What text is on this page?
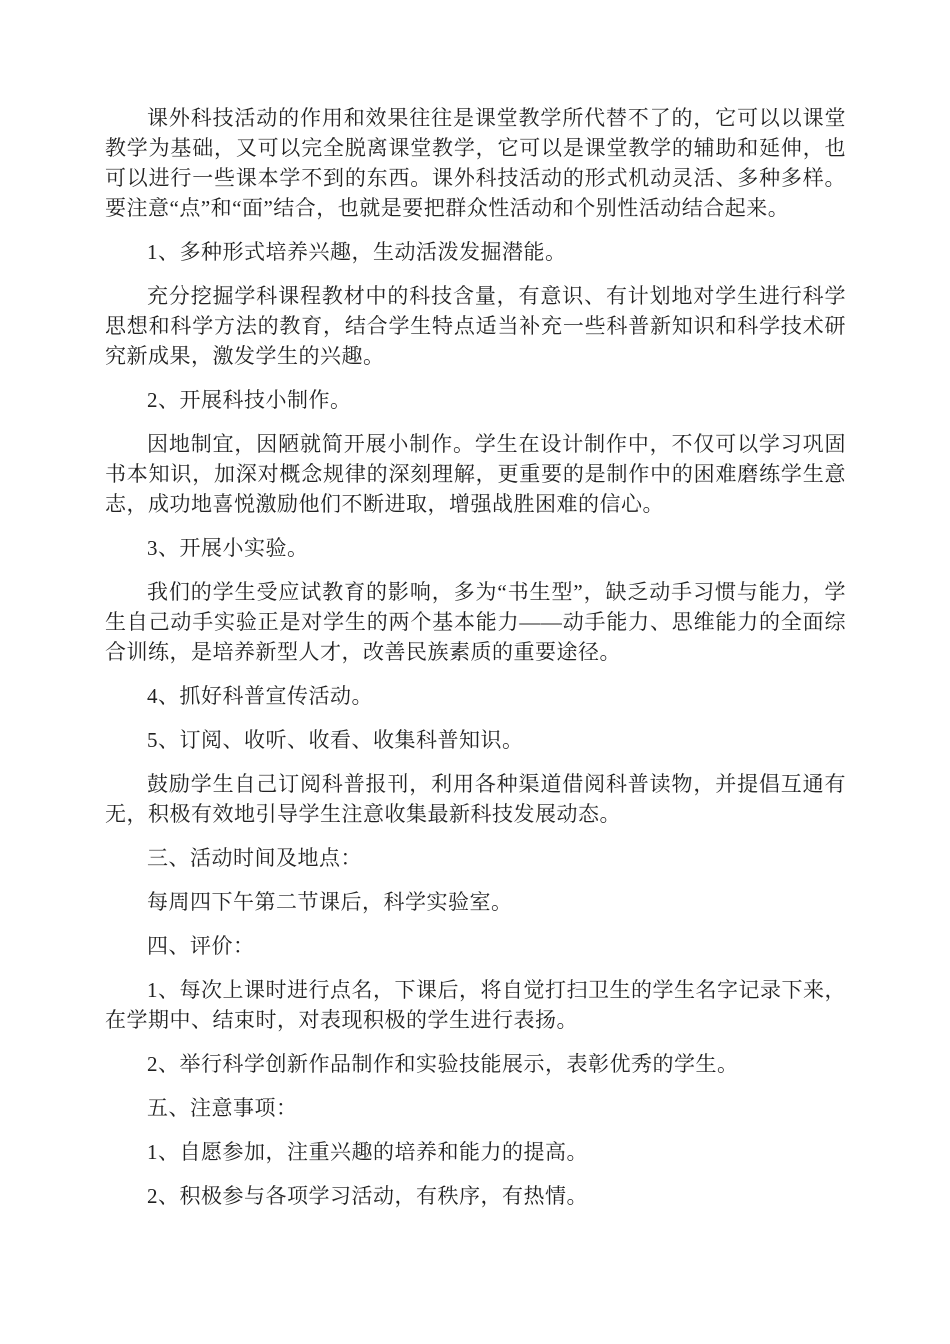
课外科技活动的作用和效果往往是课堂教学所代替不了的，它可以以课堂教学为基础，又可以完全脱离课堂教学，它可以是课堂教学的辅助和延伸，也可以进行一些课本学不到的东西。课外科技活动的形式机动灵活、多种多样。要注意“点”和“面”结合，也就是要把群众性活动和个别性活动结合起来。

1、多种形式培养兴趣，生动活泼发掘潜能。

充分挖掘学科课程教材中的科技含量，有意识、有计划地对学生进行科学思想和科学方法的教育，结合学生特点适当补充一些科普新知识和科学技术研究新成果，激发学生的兴趣。

2、开展科技小制作。

因地制宜，因陋就简开展小制作。学生在设计制作中，不仅可以学习巩固书本知识，加深对概念规律的深刻理解，更重要的是制作中的困难磨练学生意志，成功地喜悦激励他们不断进取，增强战胜困难的信心。

3、开展小实验。

我们的学生受应试教育的影响，多为“书生型”，缺乏动手习惯与能力，学生自己动手实验正是对学生的两个基本能力——动手能力、思维能力的全面综合训练，是培养新型人才，改善民族素质的重要途径。

4、抓好科普宣传活动。

5、订阅、收听、收看、收集科普知识。

鼓励学生自己订阅科普报刊，利用各种渠道借阅科普读物，并提倡互通有无，积极有效地引导学生注意收集最新科技发展动态。

三、活动时间及地点：

每周四下午第二节课后，科学实验室。

四、评价：

1、每次上课时进行点名，下课后，将自觉打扫卫生的学生名字记录下来，在学期中、结束时，对表现积极的学生进行表扬。

2、举行科学创新作品制作和实验技能展示，表彰优秀的学生。

五、注意事项：

1、自愿参加，注重兴趣的培养和能力的提高。

2、积极参与各项学习活动，有秩序，有热情。
